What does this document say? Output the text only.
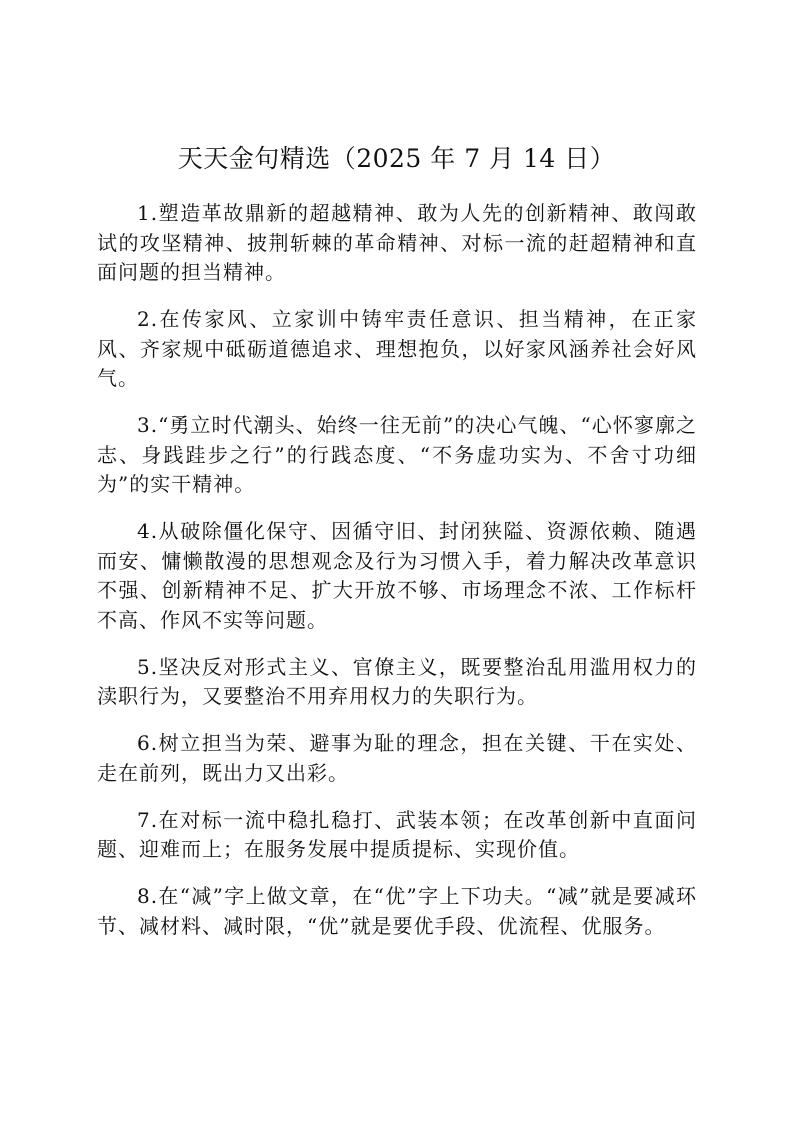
天天金句精选（2025 年 7 月 14 日）

1.塑造革故鼎新的超越精神、敢为人先的创新精神、敢闯敢试的攻坚精神、披荆斩棘的革命精神、对标一流的赶超精神和直面问题的担当精神。

2.在传家风、立家训中铸牢责任意识、担当精神，在正家风、齐家规中砥砺道德追求、理想抱负，以好家风涵养社会好风气。

3.“勇立时代潮头、始终一往无前”的决心气魄、“心怀寥廓之志、身践跬步之行”的行践态度、“不务虚功实为、不舍寸功细为”的实干精神。

4.从破除僵化保守、因循守旧、封闭狭隘、资源依赖、随遇而安、慵懒散漫的思想观念及行为习惯入手，着力解决改革意识不强、创新精神不足、扩大开放不够、市场理念不浓、工作标杆不高、作风不实等问题。

5.坚决反对形式主义、官僚主义，既要整治乱用滥用权力的渎职行为，又要整治不用弃用权力的失职行为。

6.树立担当为荣、避事为耻的理念，担在关键、干在实处、走在前列，既出力又出彩。

7.在对标一流中稳扎稳打、武装本领；在改革创新中直面问题、迎难而上；在服务发展中提质提标、实现价值。

8.在“减”字上做文章，在“优”字上下功夫。“减”就是要减环节、减材料、减时限，“优”就是要优手段、优流程、优服务。
